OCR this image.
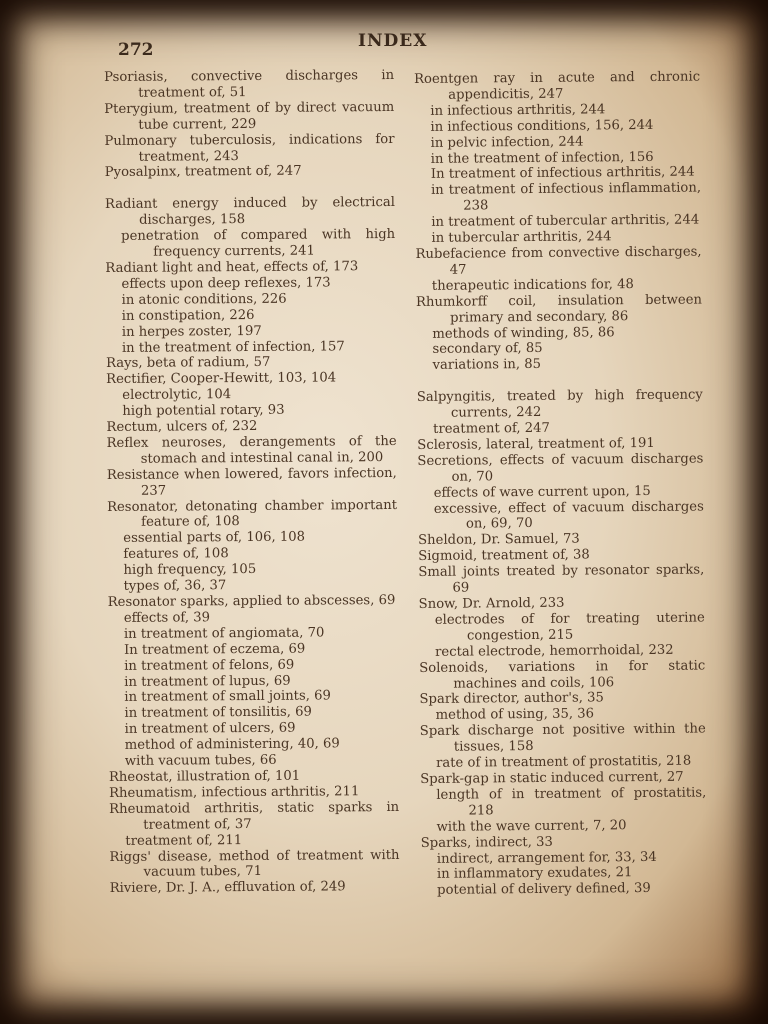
272	INDEX
Psoriasis, convective discharges in treatment of, 51
Pterygium, treatment of by direct vacuum tube current, 229
Pulmonary tuberculosis, indications for treatment, 243
Pyosalpinx, treatment of, 247
Radiant energy induced by electrical discharges, 158
penetration of compared with high frequency currents, 241
Radiant light and heat, effects of, 173
effects upon deep reflexes, 173
in atonic conditions, 226
in constipation, 226
in herpes zoster, 197
in the treatment of infection, 157
Rays, beta of radium, 57
Rectifier, Cooper-Hewitt, 103, 104
electrolytic, 104
high potential rotary, 93
Rectum, ulcers of, 232
Reflex neuroses, derangements of the stomach and intestinal canal in, 200
Resistance when lowered, favors infection, 237
Resonator, detonating chamber important feature of, 108
essential parts of, 106, 108
features of, 108
high frequency, 105
types of, 36, 37
Resonator sparks, applied to abscesses, 69
effects of, 39
in treatment of angiomata, 70
In treatment of eczema, 69
in treatment of felons, 69
in treatment of lupus, 69
in treatment of small joints, 69
in treatment of tonsilitis, 69
in treatment of ulcers, 69
method of administering, 40, 69
with vacuum tubes, 66
Rheostat, illustration of, 101
Rheumatism, infectious arthritis, 211
Rheumatoid arthritis, static sparks in treatment of, 37
treatment of, 211
Riggs' disease, method of treatment with vacuum tubes, 71
Riviere, Dr. J. A., effluvation of, 249
Roentgen ray in acute and chronic appendicitis, 247
in infectious arthritis, 244
in infectious conditions, 156, 244
in pelvic infection, 244
in the treatment of infection, 156
In treatment of infectious arthritis, 244
in treatment of infectious inflammation, 238
in treatment of tubercular arthritis, 244
in tubercular arthritis, 244
Rubefacience from convective discharges, 47
therapeutic indications for, 48
Rhumkorff coil, insulation between primary and secondary, 86
methods of winding, 85, 86
secondary of, 85
variations in, 85
Salpyngitis, treated by high frequency currents, 242
treatment of, 247
Sclerosis, lateral, treatment of, 191
Secretions, effects of vacuum discharges on, 70
effects of wave current upon, 15
excessive, effect of vacuum discharges on, 69, 70
Sheldon, Dr. Samuel, 73
Sigmoid, treatment of, 38
Small joints treated by resonator sparks, 69
Snow, Dr. Arnold, 233
electrodes of for treating uterine congestion, 215
rectal electrode, hemorrhoidal, 232
Solenoids, variations in for static machines and coils, 106
Spark director, author's, 35
method of using, 35, 36
Spark discharge not positive within the tissues, 158
rate of in treatment of prostatitis, 218
Spark-gap in static induced current, 27
length of in treatment of prostatitis, 218
with the wave current, 7, 20
Sparks, indirect, 33
indirect, arrangement for, 33, 34
in inflammatory exudates, 21
potential of delivery defined, 39
